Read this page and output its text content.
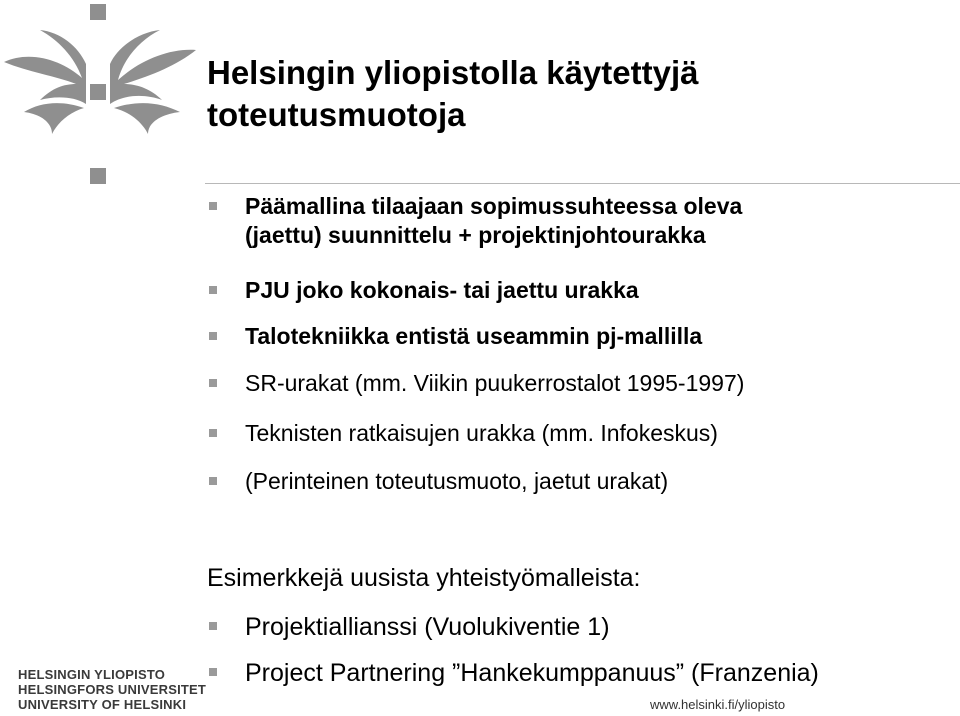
Helsingin yliopistolla käytettyjä
toteutusmuotoja
Päämallina tilaajaan sopimussuhteessa oleva
(jaettu) suunnittelu + projektinjohtourakka
PJU joko kokonais- tai jaettu urakka
Talotekniikka entistä useammin pj-mallilla
SR-urakat (mm. Viikin puukerrostalot 1995-1997)
Teknisten ratkaisujen urakka (mm. Infokeskus)
(Perinteinen toteutusmuoto, jaetut urakat)
Esimerkkejä uusista yhteistyömalleista:
Projektiallianssi (Vuolukiventie 1)
Project Partnering ”Hankekumppanuus” (Franzenia)
HELSINGIN YLIOPISTO
HELSINGFORS UNIVERSITET
UNIVERSITY OF HELSINKI	www.helsinki.fi/yliopisto
